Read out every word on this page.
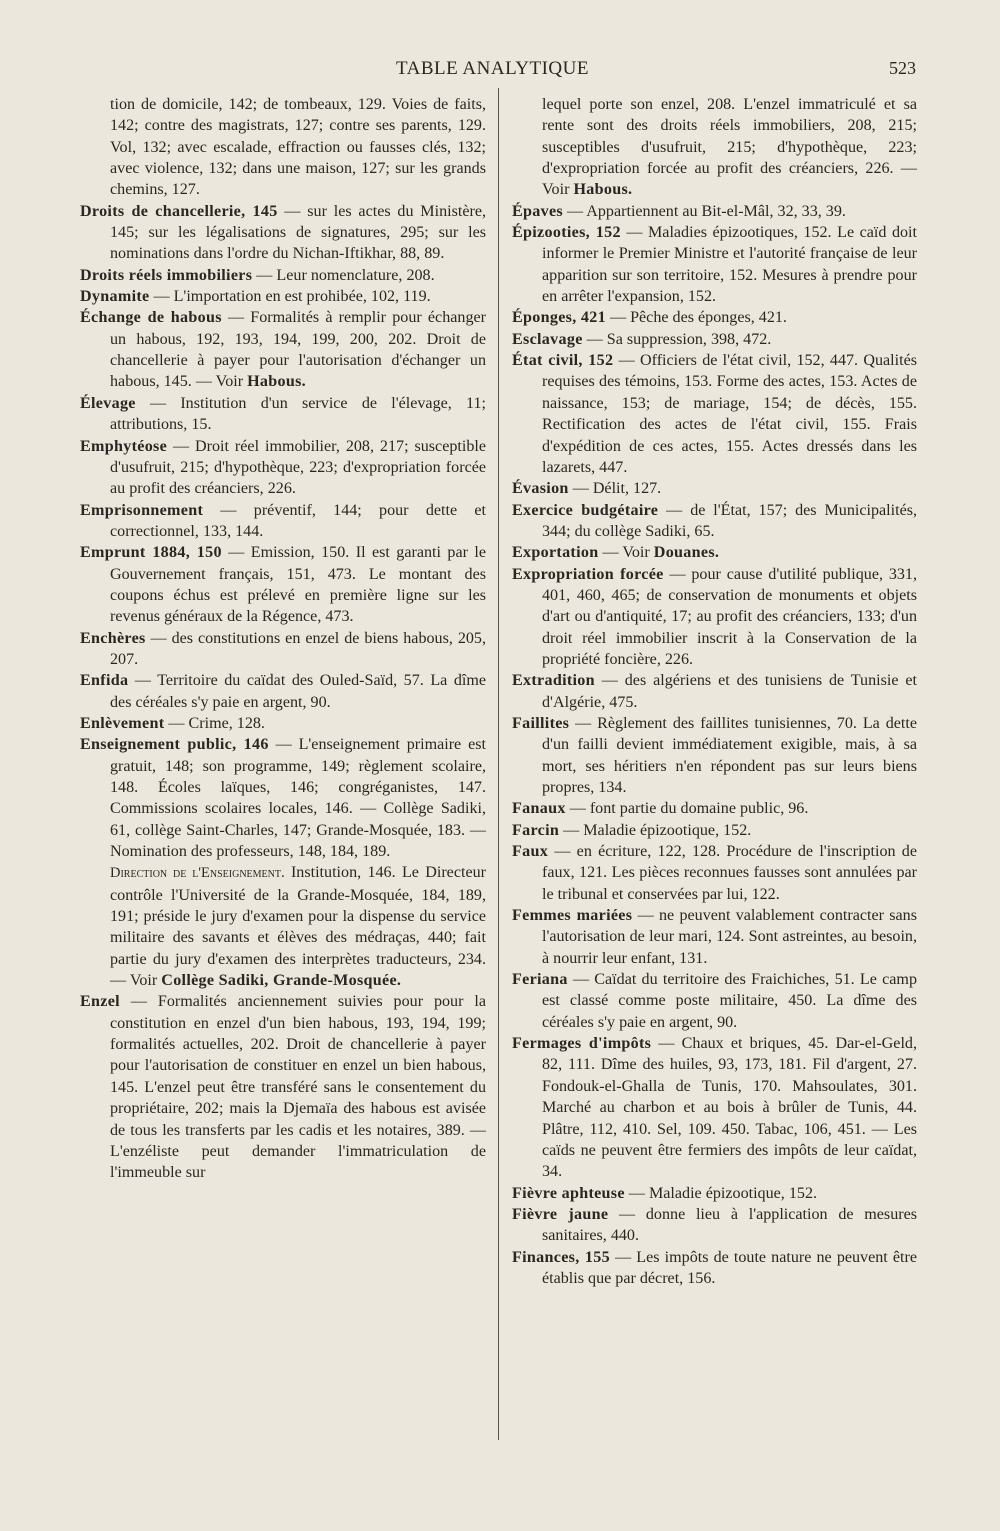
TABLE ANALYTIQUE	523

tion de domicile, 142; de tombeaux, 129. Voies de faits, 142; contre des magistrats, 127; contre ses parents, 129. Vol, 132; avec escalade, effraction ou fausses clés, 132; avec violence, 132; dans une maison, 127; sur les grands chemins, 127.

Droits de chancellerie, 145 — sur les actes du Ministère, 145; sur les légalisations de signatures, 295; sur les nominations dans l'ordre du Nichan-Iftikhar, 88, 89.

Droits réels immobiliers — Leur nomenclature, 208.

Dynamite — L'importation en est prohibée, 102, 119.

Échange de habous — Formalités à remplir pour échanger un habous, 192, 193, 194, 199, 200, 202. Droit de chancellerie à payer pour l'autorisation d'échanger un habous, 145. — Voir Habous.

Élevage — Institution d'un service de l'élevage, 11; attributions, 15.

Emphytéose — Droit réel immobilier, 208, 217; susceptible d'usufruit, 215; d'hypothèque, 223; d'expropriation forcée au profit des créanciers, 226.

Emprisonnement — préventif, 144; pour dette et correctionnel, 133, 144.

Emprunt 1884, 150 — Emission, 150. Il est garanti par le Gouvernement français, 151, 473. Le montant des coupons échus est prélevé en première ligne sur les revenus généraux de la Régence, 473.

Enchères — des constitutions en enzel de biens habous, 205, 207.

Enfida — Territoire du caïdat des Ouled-Saïd, 57. La dîme des céréales s'y paie en argent, 90.

Enlèvement — Crime, 128.

Enseignement public, 146 — L'enseignement primaire est gratuit, 148; son programme, 149; règlement scolaire, 148. Écoles laïques, 146; congréganistes, 147. Commissions scolaires locales, 146. — Collège Sadiki, 61, collège Saint-Charles, 147; Grande-Mosquée, 183. — Nomination des professeurs, 148, 184, 189.

Direction de l'Enseignement. Institution, 146. Le Directeur contrôle l'Université de la Grande-Mosquée, 184, 189, 191; préside le jury d'examen pour la dispense du service militaire des savants et élèves des médraças, 440; fait partie du jury d'examen des interprètes traducteurs, 234. — Voir Collège Sadiki, Grande-Mosquée.

Enzel — Formalités anciennement suivies pour pour la constitution en enzel d'un bien habous, 193, 194, 199; formalités actuelles, 202. Droit de chancellerie à payer pour l'autorisation de constituer en enzel un bien habous, 145. L'enzel peut être transféré sans le consentement du propriétaire, 202; mais la Djemaïa des habous est avisée de tous les transferts par les cadis et les notaires, 389. — L'enzéliste peut demander l'immatriculation de l'immeuble sur

lequel porte son enzel, 208. L'enzel immatriculé et sa rente sont des droits réels immobiliers, 208, 215; susceptibles d'usufruit, 215; d'hypothèque, 223; d'expropriation forcée au profit des créanciers, 226. — Voir Habous.

Épaves — Appartiennent au Bit-el-Mâl, 32, 33, 39.

Épizooties, 152 — Maladies épizootiques, 152. Le caïd doit informer le Premier Ministre et l'autorité française de leur apparition sur son territoire, 152. Mesures à prendre pour en arrêter l'expansion, 152.

Éponges, 421 — Pêche des éponges, 421.

Esclavage — Sa suppression, 398, 472.

État civil, 152 — Officiers de l'état civil, 152, 447. Qualités requises des témoins, 153. Forme des actes, 153. Actes de naissance, 153; de mariage, 154; de décès, 155. Rectification des actes de l'état civil, 155. Frais d'expédition de ces actes, 155. Actes dressés dans les lazarets, 447.

Évasion — Délit, 127.

Exercice budgétaire — de l'État, 157; des Municipalités, 344; du collège Sadiki, 65.

Exportation — Voir Douanes.

Expropriation forcée — pour cause d'utilité publique, 331, 401, 460, 465; de conservation de monuments et objets d'art ou d'antiquité, 17; au profit des créanciers, 133; d'un droit réel immobilier inscrit à la Conservation de la propriété foncière, 226.

Extradition — des algériens et des tunisiens de Tunisie et d'Algérie, 475.

Faillites — Règlement des faillites tunisiennes, 70. La dette d'un failli devient immédiatement exigible, mais, à sa mort, ses héritiers n'en répondent pas sur leurs biens propres, 134.

Fanaux — font partie du domaine public, 96.

Farcin — Maladie épizootique, 152.

Faux — en écriture, 122, 128. Procédure de l'inscription de faux, 121. Les pièces reconnues fausses sont annulées par le tribunal et conservées par lui, 122.

Femmes mariées — ne peuvent valablement contracter sans l'autorisation de leur mari, 124. Sont astreintes, au besoin, à nourrir leur enfant, 131.

Feriana — Caïdat du territoire des Fraichiches, 51. Le camp est classé comme poste militaire, 450. La dîme des céréales s'y paie en argent, 90.

Fermages d'impôts — Chaux et briques, 45. Dar-el-Geld, 82, 111. Dîme des huiles, 93, 173, 181. Fil d'argent, 27. Fondouk-el-Ghalla de Tunis, 170. Mahsoulates, 301. Marché au charbon et au bois à brûler de Tunis, 44. Plâtre, 112, 410. Sel, 109. 450. Tabac, 106, 451. — Les caïds ne peuvent être fermiers des impôts de leur caïdat, 34.

Fièvre aphteuse — Maladie épizootique, 152.

Fièvre jaune — donne lieu à l'application de mesures sanitaires, 440.

Finances, 155 — Les impôts de toute nature ne peuvent être établis que par décret, 156.
